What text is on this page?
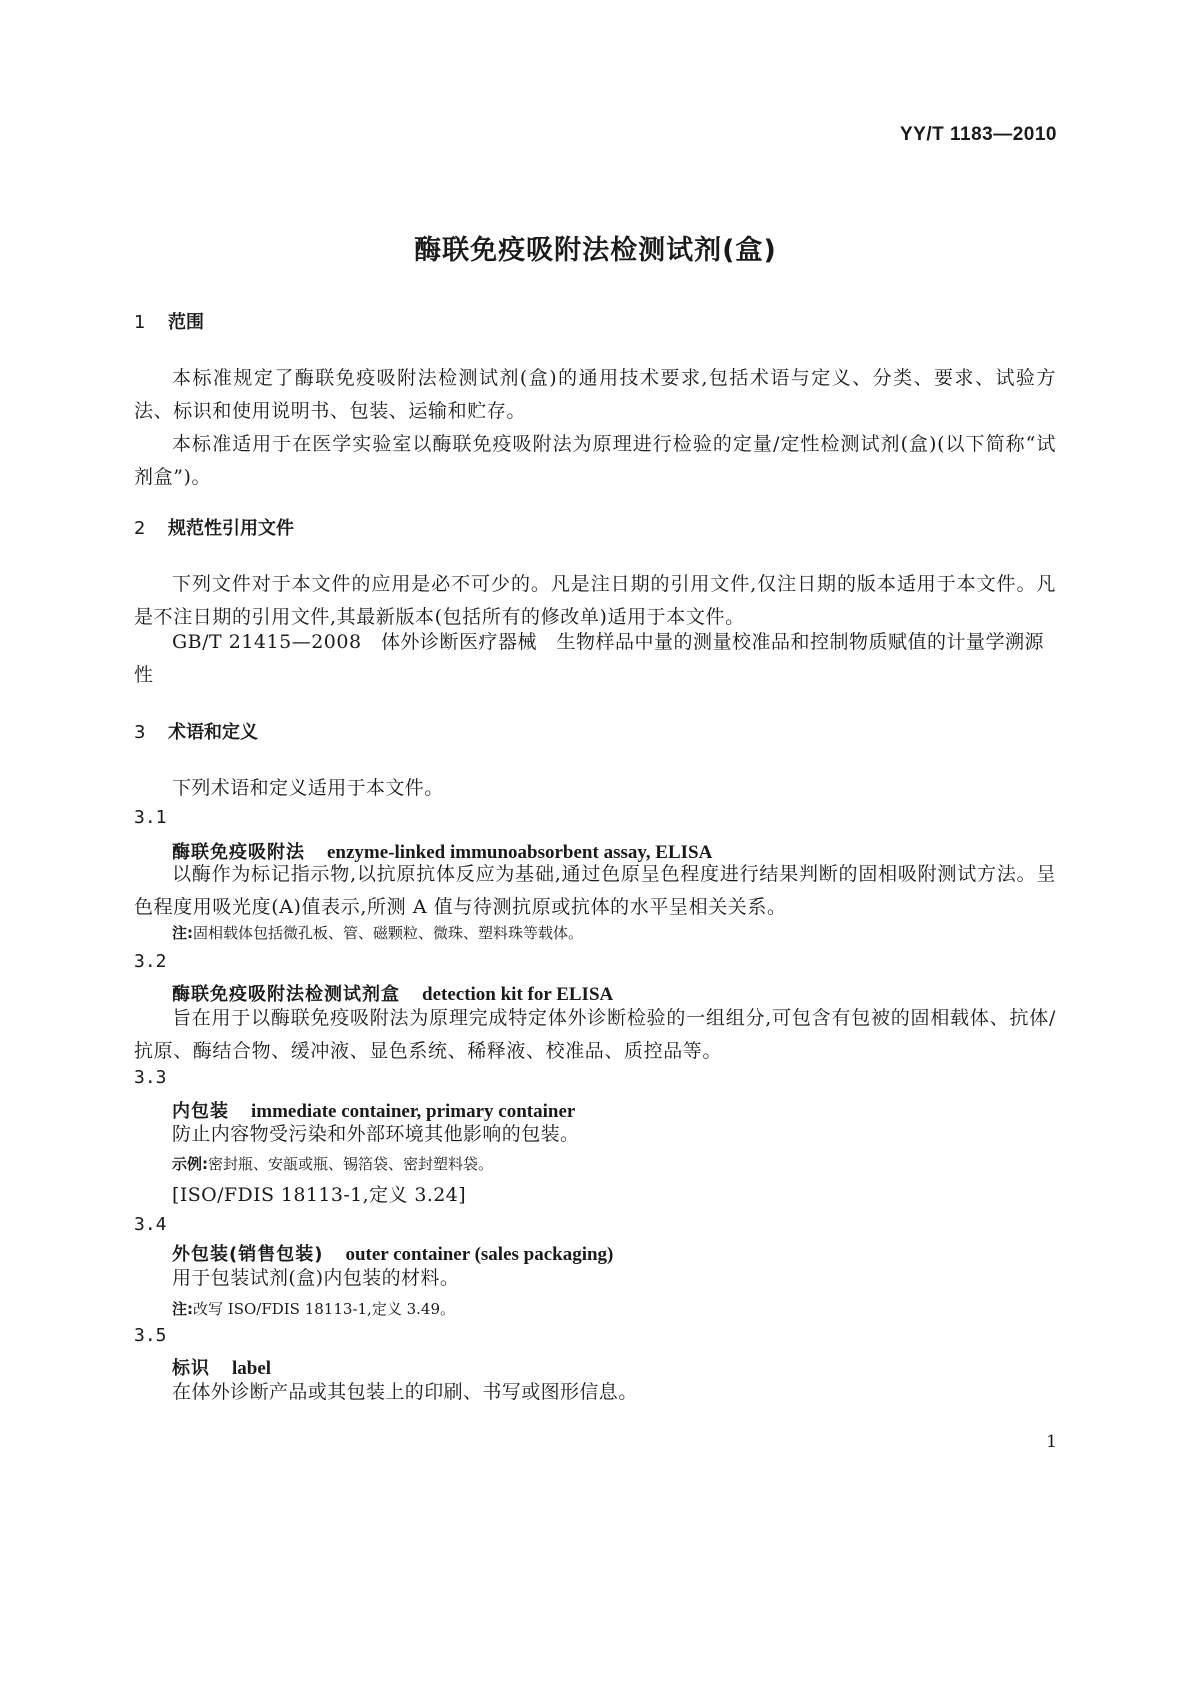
YY/T 1183—2010
酶联免疫吸附法检测试剂(盒)
1 范围
本标准规定了酶联免疫吸附法检测试剂(盒)的通用技术要求,包括术语与定义、分类、要求、试验方法、标识和使用说明书、包装、运输和贮存。
本标准适用于在医学实验室以酶联免疫吸附法为原理进行检验的定量/定性检测试剂(盒)(以下简称“试剂盒”)。
2 规范性引用文件
下列文件对于本文件的应用是必不可少的。凡是注日期的引用文件,仅注日期的版本适用于本文件。凡是不注日期的引用文件,其最新版本(包括所有的修改单)适用于本文件。
GB/T 21415—2008　体外诊断医疗器械　生物样品中量的测量校准品和控制物质赋值的计量学溯源性
3 术语和定义
下列术语和定义适用于本文件。
3.1
酶联免疫吸附法 enzyme-linked immunoabsorbent assay, ELISA
以酶作为标记指示物,以抗原抗体反应为基础,通过色原呈色程度进行结果判断的固相吸附测试方法。呈色程度用吸光度(A)值表示,所测 A 值与待测抗原或抗体的水平呈相关关系。
注:固相载体包括微孔板、管、磁颗粒、微珠、塑料珠等载体。
3.2
酶联免疫吸附法检测试剂盒 detection kit for ELISA
旨在用于以酶联免疫吸附法为原理完成特定体外诊断检验的一组组分,可包含有包被的固相载体、抗体/抗原、酶结合物、缓冲液、显色系统、稀释液、校准品、质控品等。
3.3
内包装 immediate container, primary container
防止内容物受污染和外部环境其他影响的包装。
示例:密封瓶、安瓿或瓶、锡箔袋、密封塑料袋。
[ISO/FDIS 18113-1,定义 3.24]
3.4
外包装(销售包装) outer container (sales packaging)
用于包装试剂(盒)内包装的材料。
注:改写 ISO/FDIS 18113-1,定义 3.49。
3.5
标识 label
在体外诊断产品或其包装上的印刷、书写或图形信息。
1
